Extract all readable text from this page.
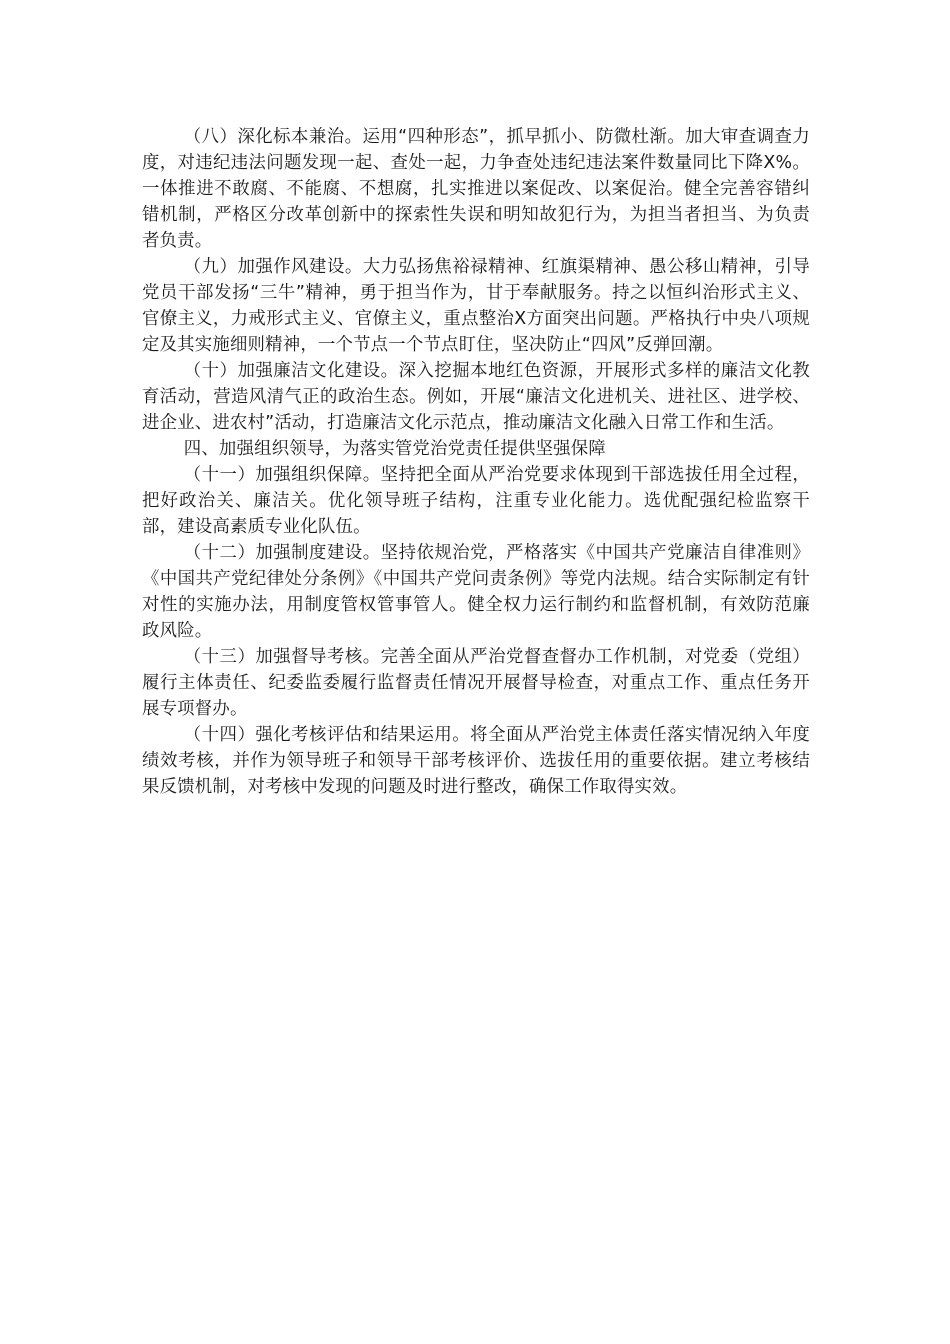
（八）深化标本兼治。运用“四种形态”，抓早抓小、防微杜渐。加大审查调查力度，对违纪违法问题发现一起、查处一起，力争查处违纪违法案件数量同比下降X%。一体推进不敢腐、不能腐、不想腐，扎实推进以案促改、以案促治。健全完善容错纠错机制，严格区分改革创新中的探索性失误和明知故犯行为，为担当者担当、为负责者负责。

（九）加强作风建设。大力弘扬焦裕禄精神、红旗渠精神、愚公移山精神，引导党员干部发扬“三牛”精神，勇于担当作为，甘于奉献服务。持之以恒纠治形式主义、官僚主义，力戒形式主义、官僚主义，重点整治X方面突出问题。严格执行中央八项规定及其实施细则精神，一个节点一个节点盯住，坚决防止“四风”反弹回潮。

（十）加强廉洁文化建设。深入挖掘本地红色资源，开展形式多样的廉洁文化教育活动，营造风清气正的政治生态。例如，开展“廉洁文化进机关、进社区、进学校、进企业、进农村”活动，打造廉洁文化示范点，推动廉洁文化融入日常工作和生活。

四、加强组织领导，为落实管党治党责任提供坚强保障

（十一）加强组织保障。坚持把全面从严治党要求体现到干部选拔任用全过程，把好政治关、廉洁关。优化领导班子结构，注重专业化能力。选优配强纪检监察干部，建设高素质专业化队伍。

（十二）加强制度建设。坚持依规治党，严格落实《中国共产党廉洁自律准则》《中国共产党纪律处分条例》《中国共产党问责条例》等党内法规。结合实际制定有针对性的实施办法，用制度管权管事管人。健全权力运行制约和监督机制，有效防范廉政风险。

（十三）加强督导考核。完善全面从严治党督查督办工作机制，对党委（党组）履行主体责任、纪委监委履行监督责任情况开展督导检查，对重点工作、重点任务开展专项督办。

（十四）强化考核评估和结果运用。将全面从严治党主体责任落实情况纳入年度绩效考核，并作为领导班子和领导干部考核评价、选拔任用的重要依据。建立考核结果反馈机制，对考核中发现的问题及时进行整改，确保工作取得实效。
